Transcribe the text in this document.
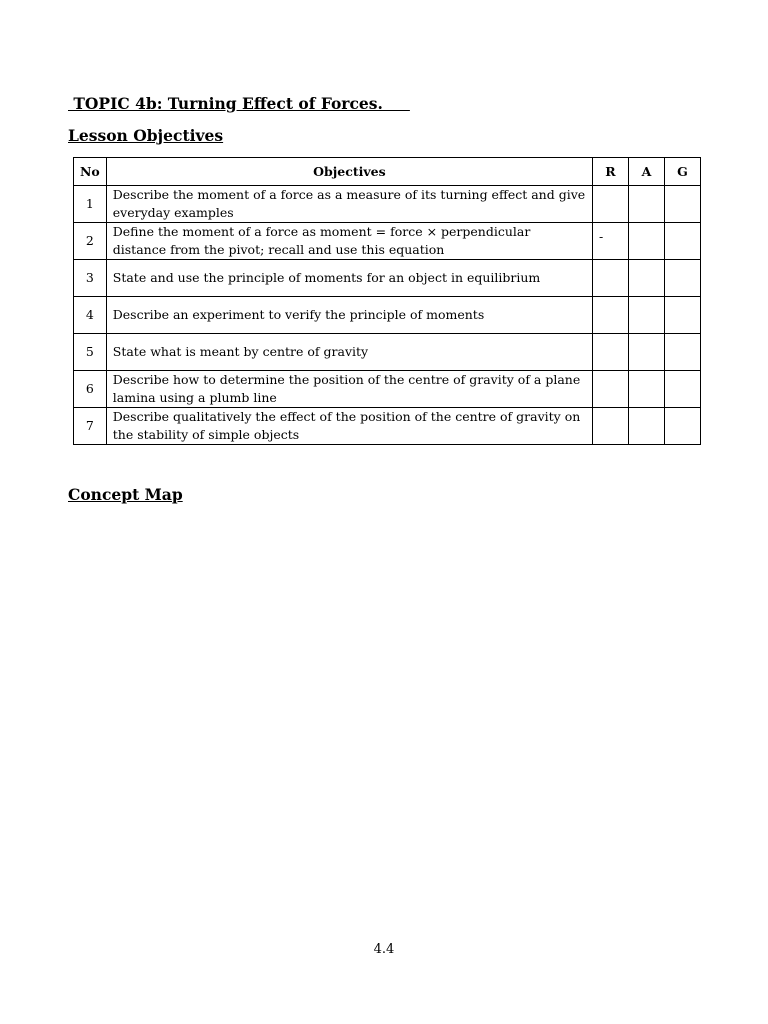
TOPIC 4b: Turning Effect of Forces.
Lesson Objectives
No	Objectives	R	A	G
1	Describe the moment of a force as a measure of its turning effect and give everyday examples			
2	Define the moment of a force as moment = force × perpendicular distance from the pivot; recall and use this equation	-		
3	State and use the principle of moments for an object in equilibrium			
4	Describe an experiment to verify the principle of moments			
5	State what is meant by centre of gravity			
6	Describe how to determine the position of the centre of gravity of a plane lamina using a plumb line			
7	Describe qualitatively the effect of the position of the centre of gravity on the stability of simple objects			
Concept Map
4.4
